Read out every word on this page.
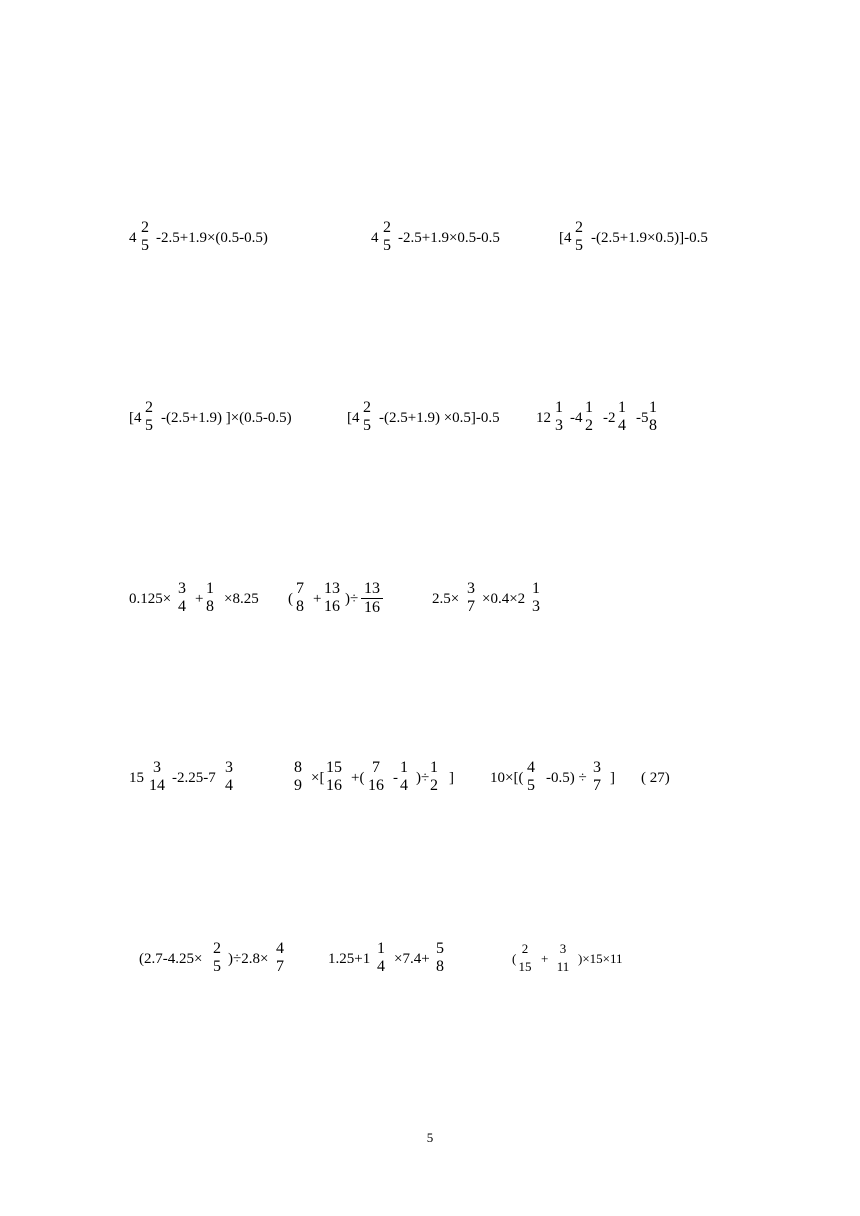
4
2
5 -2.5+1.9×(0.5-0.5)	4
2
5 -2.5+1.9×0.5-0.5	[4
2
5 -(2.5+1.9×0.5)]-0.5
[4
2
5 -(2.5+1.9) ]×(0.5-0.5)	[4
2
5 -(2.5+1.9) ×0.5]-0.5 12
1
3 -4
1
2 -2
1
4 -5
1
8
0.125×
3
4 +
1
8 ×8.25 (
7
8 +
13
16 )÷
13
16	2.5×
3
7 ×0.4×2
1
3
15
3
14 -2.25-7
3
4
8
9 ×[
15
16 +(
7
16 -
1
4 )÷
1
2 ] 10×[(
4
5 -0.5) ÷
3
7 ] ( 27)
(2.7-4.25×
2
5 )÷2.8×
4
7	1.25+1
1
4 ×7.4+
5
8	(
2
15
+
3
11
)×15×11
5
